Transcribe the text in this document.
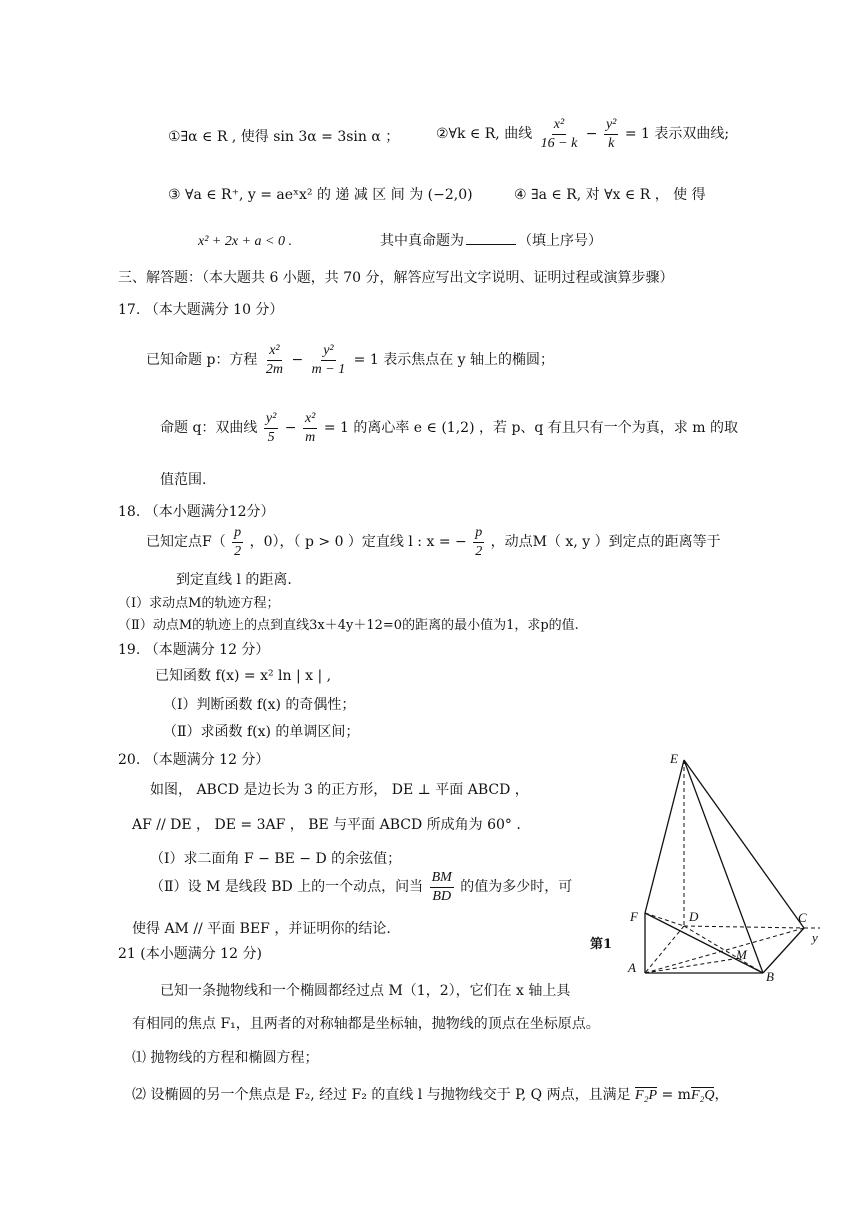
①∃α ∈ R , 使得 sin 3α = 3sin α ；	②∀k ∈ R, 曲线 $\frac{\text{x²}}{16 - k} - \frac{\text{y²}}{k} = 1$ 表示双曲线;
③ ∀a ∈ R⁺, y = aeˣx² 的 递 减 区 间 为 (−2,0)	④ ∃a ∈ R, 对 ∀x ∈ R ， 使 得
x² + 2x + a < 0 .	其中真命题为	（填上序号）
三、解答题：（本大题共 6 小题，共 70 分，解答应写出文字说明、证明过程或演算步骤）
17. （本大题满分 10 分）
已知命题 p：方程 $\frac{\text{x²}}{2m} - \frac{\text{y²}}{m - 1} = 1$ 表示焦点在 y 轴上的椭圆；
命题 q：双曲线 $\frac{\text{y²}}{5} - \frac{\text{x²}}{m} = 1$ 的离心率 e ∈ (1,2) ，若 p、q 有且只有一个为真，求 m 的取
值范围.
18. （本小题满分12分）
已知定点$F( \frac{p}{2}$ ，0），（ p > 0 ）定直线 l : x = − $\frac{p}{2}$ ，动点M（ x, y ）到定点的距离等于
到定直线 l 的距离.
（Ⅰ）求动点M的轨迹方程；
（Ⅱ）动点M的轨迹上的点到直线3x＋4y＋12=0的距离的最小值为1，求p的值.
19. （本题满分 12 分）
已知函数 f(x) = x² ln | x | ,
（Ⅰ）判断函数 f(x) 的奇偶性；
（Ⅱ）求函数 f(x) 的单调区间；
20. （本题满分 12 分）
如图， ABCD 是边长为 3 的正方形， DE ⊥ 平面 ABCD ，
AF // DE ， DE = 3AF ， BE 与平面 ABCD 所成角为 60° .
（Ⅰ）求二面角 F − BE − D 的余弦值；
（Ⅱ）设 M 是线段 BD 上的一个动点，问当 $\frac{BM}{BD}$ 的值为多少时，可
使得 AM // 平面 BEF ，并证明你的结论.
21 (本小题满分 12 分)
已知一条抛物线和一个椭圆都经过点 M（1，2），它们在 x 轴上具
有相同的焦点 F₁，且两者的对称轴都是坐标轴，抛物线的顶点在坐标原点。
⑴ 抛物线的方程和椭圆方程；
⑵ 设椭圆的另一个焦点是 F₂, 经过 F₂ 的直线 l 与抛物线交于 P, Q 两点，且满足 F₂P = mF₂Q，
E
F	D	C
A
B
M
y
第1
